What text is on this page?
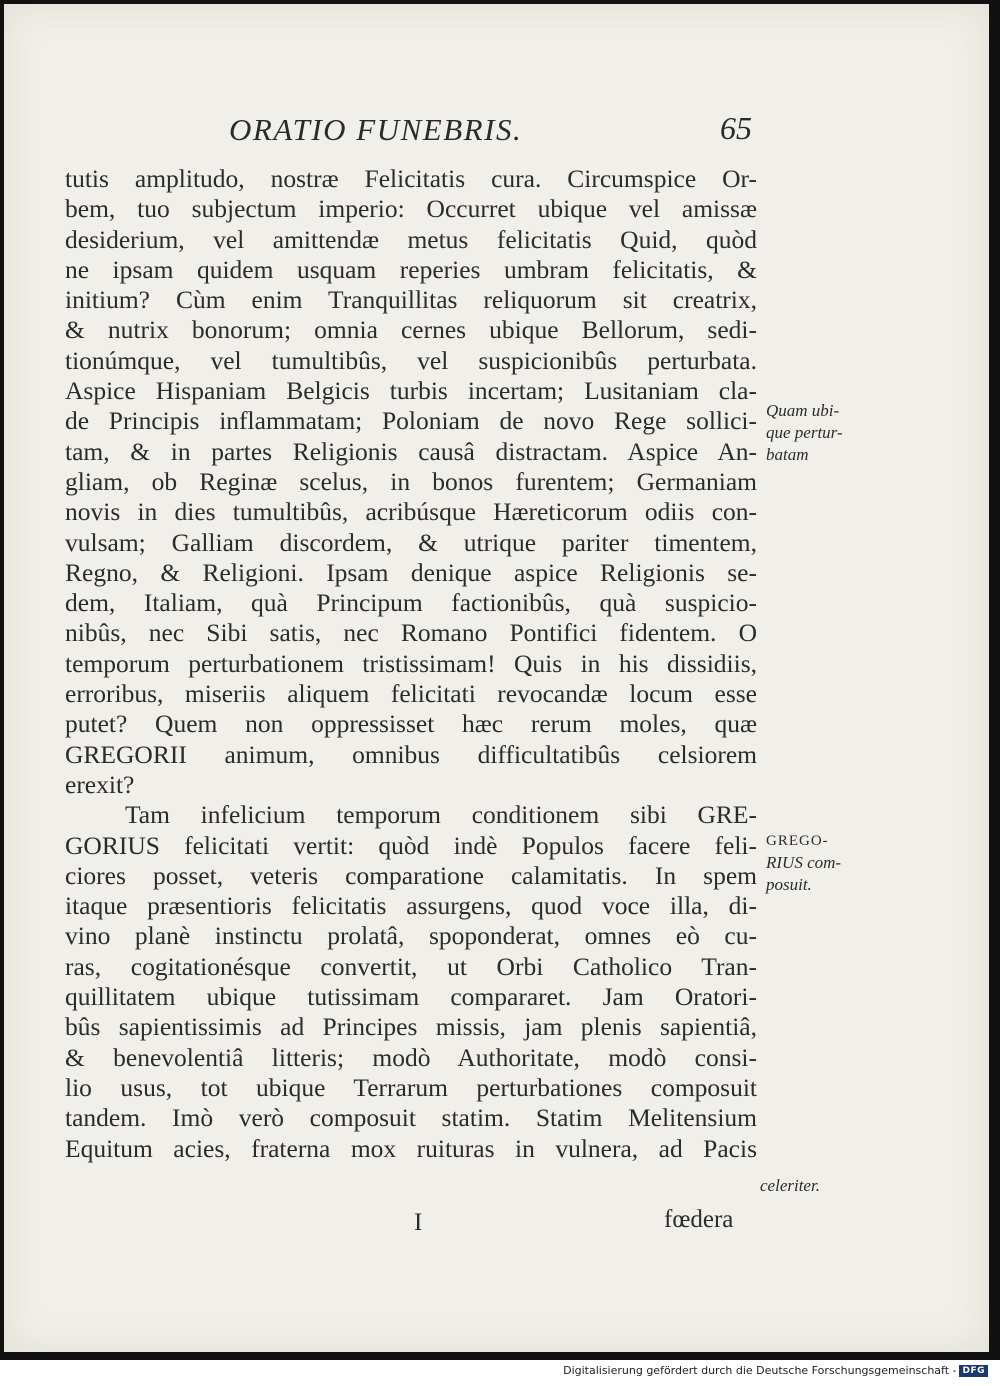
ORATIO FUNEBRIS.	65
tutis amplitudo, nostræ Felicitatis cura. Circumspice Or-
bem, tuo subjectum imperio: Occurret ubique vel amissæ
desiderium, vel amittendæ metus felicitatis Quid, quòd
ne ipsam quidem usquam reperies umbram felicitatis, &
initium? Cùm enim Tranquillitas reliquorum sit creatrix,
& nutrix bonorum; omnia cernes ubique Bellorum, sedi-
tionúmque, vel tumultibûs, vel suspicionibûs perturbata.
Aspice Hispaniam Belgicis turbis incertam; Lusitaniam cla-
de Principis inflammatam; Poloniam de novo Rege sollici-
tam, & in partes Religionis causâ distractam. Aspice An-
gliam, ob Reginæ scelus, in bonos furentem; Germaniam
novis in dies tumultibûs, acribúsque Hæreticorum odiis con-
vulsam; Galliam discordem, & utrique pariter timentem,
Regno, & Religioni. Ipsam denique aspice Religionis se-
dem, Italiam, quà Principum factionibûs, quà suspicio-
nibûs, nec Sibi satis, nec Romano Pontifici fidentem. O
temporum perturbationem tristissimam! Quis in his dissidiis,
erroribus, miseriis aliquem felicitati revocandæ locum esse
putet? Quem non oppressisset hæc rerum moles, quæ
GREGORII animum, omnibus difficultatibûs celsiorem
erexit?
Tam infelicium temporum conditionem sibi GRE-
GORIUS felicitati vertit: quòd indè Populos facere feli-
ciores posset, veteris comparatione calamitatis. In spem
itaque præsentioris felicitatis assurgens, quod voce illa, di-
vino planè instinctu prolatâ, spoponderat, omnes eò cu-
ras, cogitationésque convertit, ut Orbi Catholico Tran-
quillitatem ubique tutissimam compararet. Jam Oratori-
bûs sapientissimis ad Principes missis, jam plenis sapientiâ,
& benevolentiâ litteris; modò Authoritate, modò consi-
lio usus, tot ubique Terrarum perturbationes composuit
tandem. Imò verò composuit statim. Statim Melitensium
Equitum acies, fraterna mox ruituras in vulnera, ad Pacis
Quam ubi-
que pertur-
batam
GREGO-
RIUS com-
posuit.
celeriter.
I	fœdera
Digitalisierung gefördert durch die Deutsche Forschungsgemeinschaft - DFG
